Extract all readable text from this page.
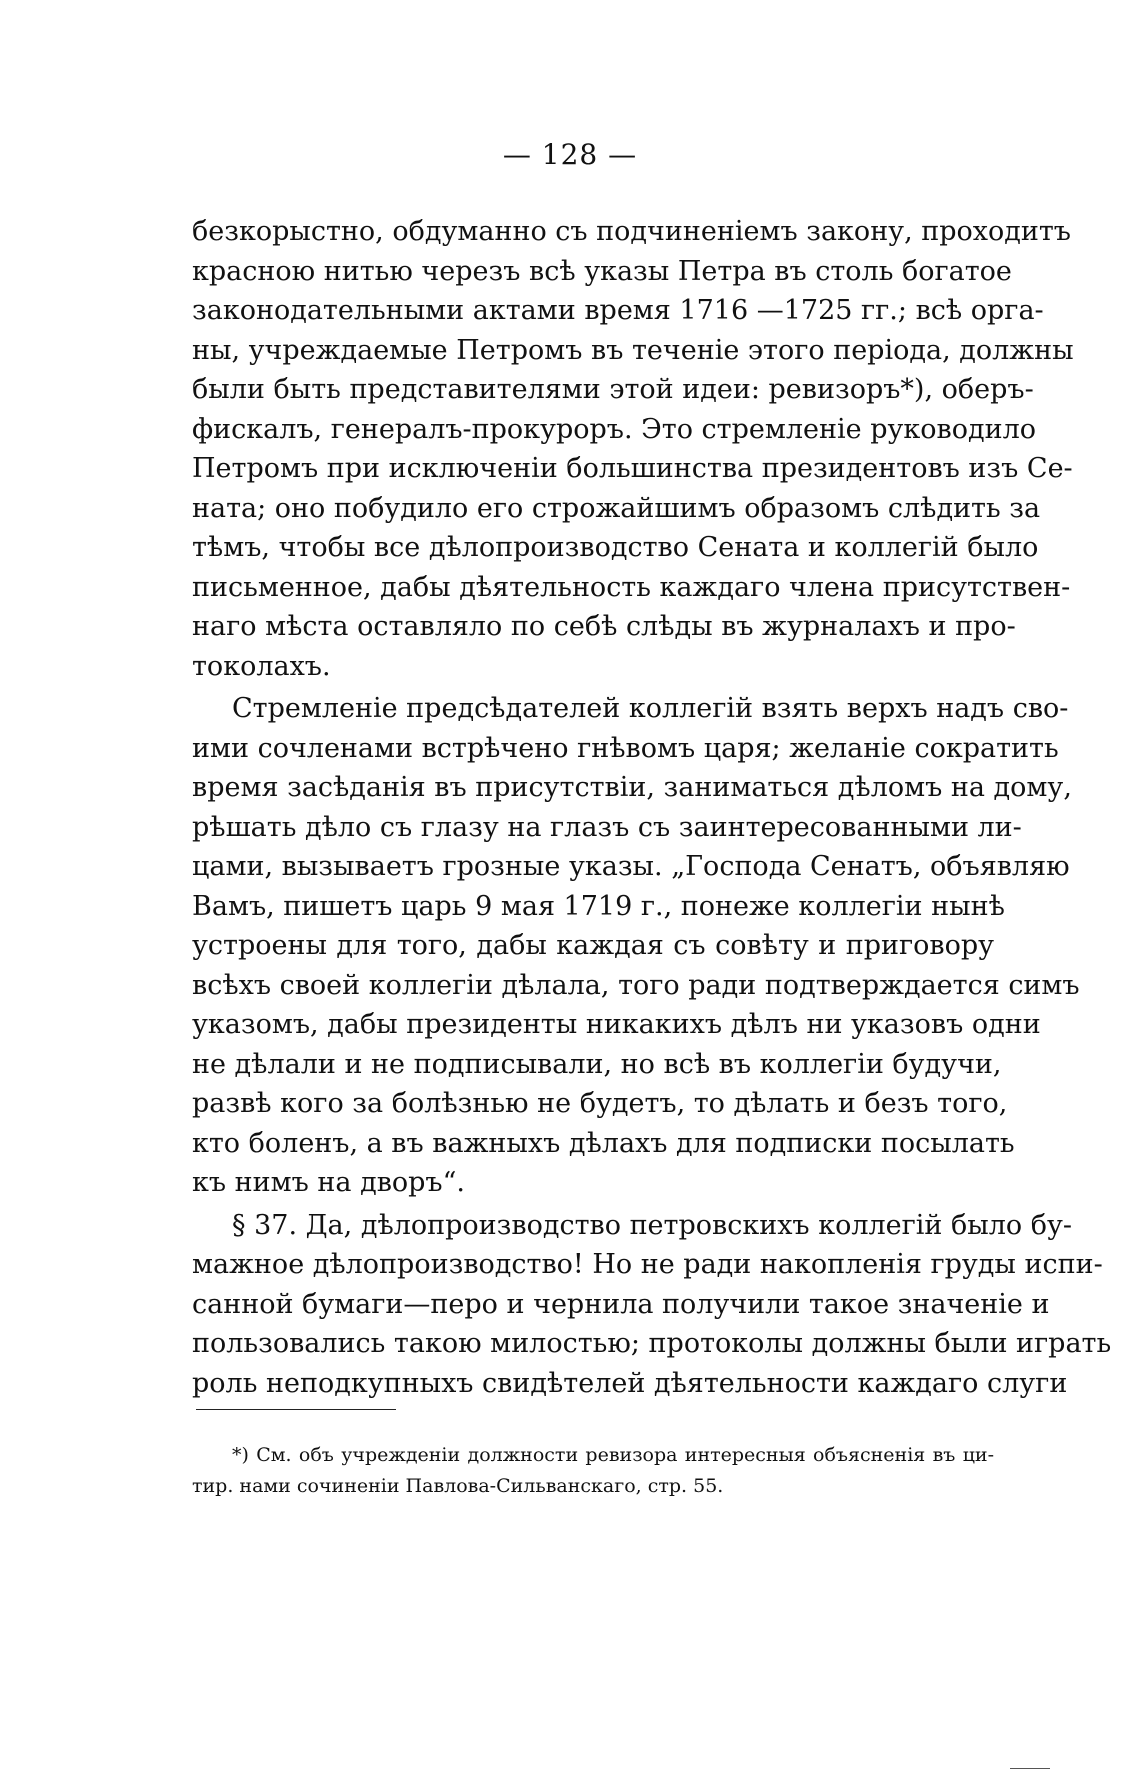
— 128 —
безкорыстно, обдуманно съ подчиненіемъ закону, проходитъ
красною нитью черезъ всѣ указы Петра въ столь богатое
законодательными актами время 1716 —1725 гг.; всѣ орга-
ны, учреждаемые Петромъ въ теченіе этого періода, должны
были быть представителями этой идеи: ревизоръ*), оберъ-
фискалъ, генералъ-прокуроръ. Это стремленіе руководило
Петромъ при исключеніи большинства президентовъ изъ Се-
ната; оно побудило его строжайшимъ образомъ слѣдить за
тѣмъ, чтобы все дѣлопроизводство Сената и коллегій было
письменное, дабы дѣятельность каждаго члена присутствен-
наго мѣста оставляло по себѣ слѣды въ журналахъ и про-
токолахъ.
Стремленіе предсѣдателей коллегій взять верхъ надъ сво-
ими сочленами встрѣчено гнѣвомъ царя; желаніе сократить
время засѣданія въ присутствіи, заниматься дѣломъ на дому,
рѣшать дѣло съ глазу на глазъ съ заинтересованными ли-
цами, вызываетъ грозные указы. „Господа Сенатъ, объявляю
Вамъ, пишетъ царь 9 мая 1719 г., понеже коллегіи нынѣ
устроены для того, дабы каждая съ совѣту и приговору
всѣхъ своей коллегіи дѣлала, того ради подтверждается симъ
указомъ, дабы президенты никакихъ дѣлъ ни указовъ одни
не дѣлали и не подписывали, но всѣ въ коллегіи будучи,
развѣ кого за болѣзнью не будетъ, то дѣлать и безъ того,
кто боленъ, а въ важныхъ дѣлахъ для подписки посылать
къ нимъ на дворъ“.
§ 37. Да, дѣлопроизводство петровскихъ коллегій было бу-
мажное дѣлопроизводство! Но не ради накопленія груды испи-
санной бумаги—перо и чернила получили такое значеніе и
пользовались такою милостью; протоколы должны были играть
роль неподкупныхъ свидѣтелей дѣятельности каждаго слуги
*) См. объ учрежденіи должности ревизора интересныя объясненія въ ци-
тир. нами сочиненіи Павлова-Сильванскаго, стр. 55.
